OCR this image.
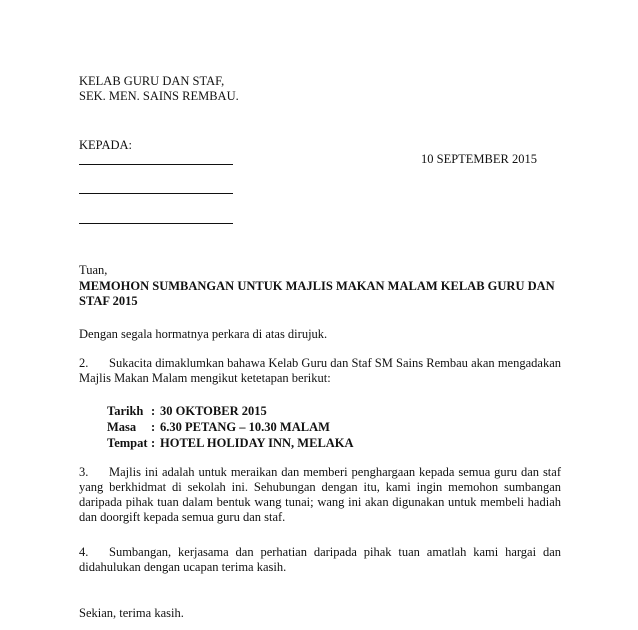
KELAB GURU DAN STAF,
SEK. MEN. SAINS REMBAU.
KEPADA:
10 SEPTEMBER 2015
Tuan,
MEMOHON SUMBANGAN UNTUK MAJLIS MAKAN MALAM KELAB GURU DAN
STAF 2015
Dengan segala hormatnya perkara di atas dirujuk.
2. Sukacita dimaklumkan bahawa Kelab Guru dan Staf SM Sains Rembau akan mengadakan Majlis Makan Malam mengikut ketetapan berikut:
Tarikh : 30 OKTOBER 2015
Masa	: 6.30 PETANG – 10.30 MALAM
Tempat : HOTEL HOLIDAY INN, MELAKA
3. Majlis ini adalah untuk meraikan dan memberi penghargaan kepada semua guru dan staf yang berkhidmat di sekolah ini. Sehubungan dengan itu, kami ingin memohon sumbangan daripada pihak tuan dalam bentuk wang tunai; wang ini akan digunakan untuk membeli hadiah dan doorgift kepada semua guru dan staf.
4. Sumbangan, kerjasama dan perhatian daripada pihak tuan amatlah kami hargai dan didahulukan dengan ucapan terima kasih.
Sekian, terima kasih.
